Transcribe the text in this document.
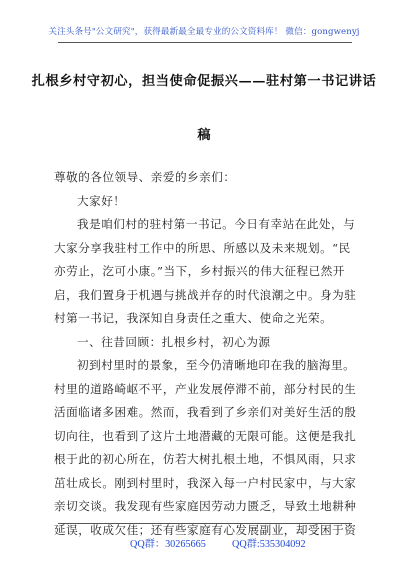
关注头条号"公文研究"，获得最新最全最专业的公文资料库！ 微信：gongwenyj
扎根乡村守初心，担当使命促振兴——驻村第一书记讲话
稿
尊敬的各位领导、亲爱的乡亲们：
大家好！
我是咱们村的驻村第一书记。今日有幸站在此处，与
大家分享我驻村工作中的所思、所感以及未来规划。“民
亦劳止，汔可小康。”当下，乡村振兴的伟大征程已然开
启，我们置身于机遇与挑战并存的时代浪潮之中。身为驻
村第一书记，我深知自身责任之重大、使命之光荣。
一、往昔回顾：扎根乡村，初心为源
初到村里时的景象，至今仍清晰地印在我的脑海里。
村里的道路崎岖不平，产业发展停滞不前，部分村民的生
活面临诸多困难。然而，我看到了乡亲们对美好生活的殷
切向往，也看到了这片土地潜藏的无限可能。这便是我扎
根于此的初心所在，仿若大树扎根土地，不惧风雨，只求
茁壮成长。刚到村里时，我深入每一户村民家中，与大家
亲切交谈。我发现有些家庭因劳动力匮乏，导致土地耕种
延误，收成欠佳；还有些家庭有心发展副业，却受困于资
QQ群：30265665	QQ群:535304092
